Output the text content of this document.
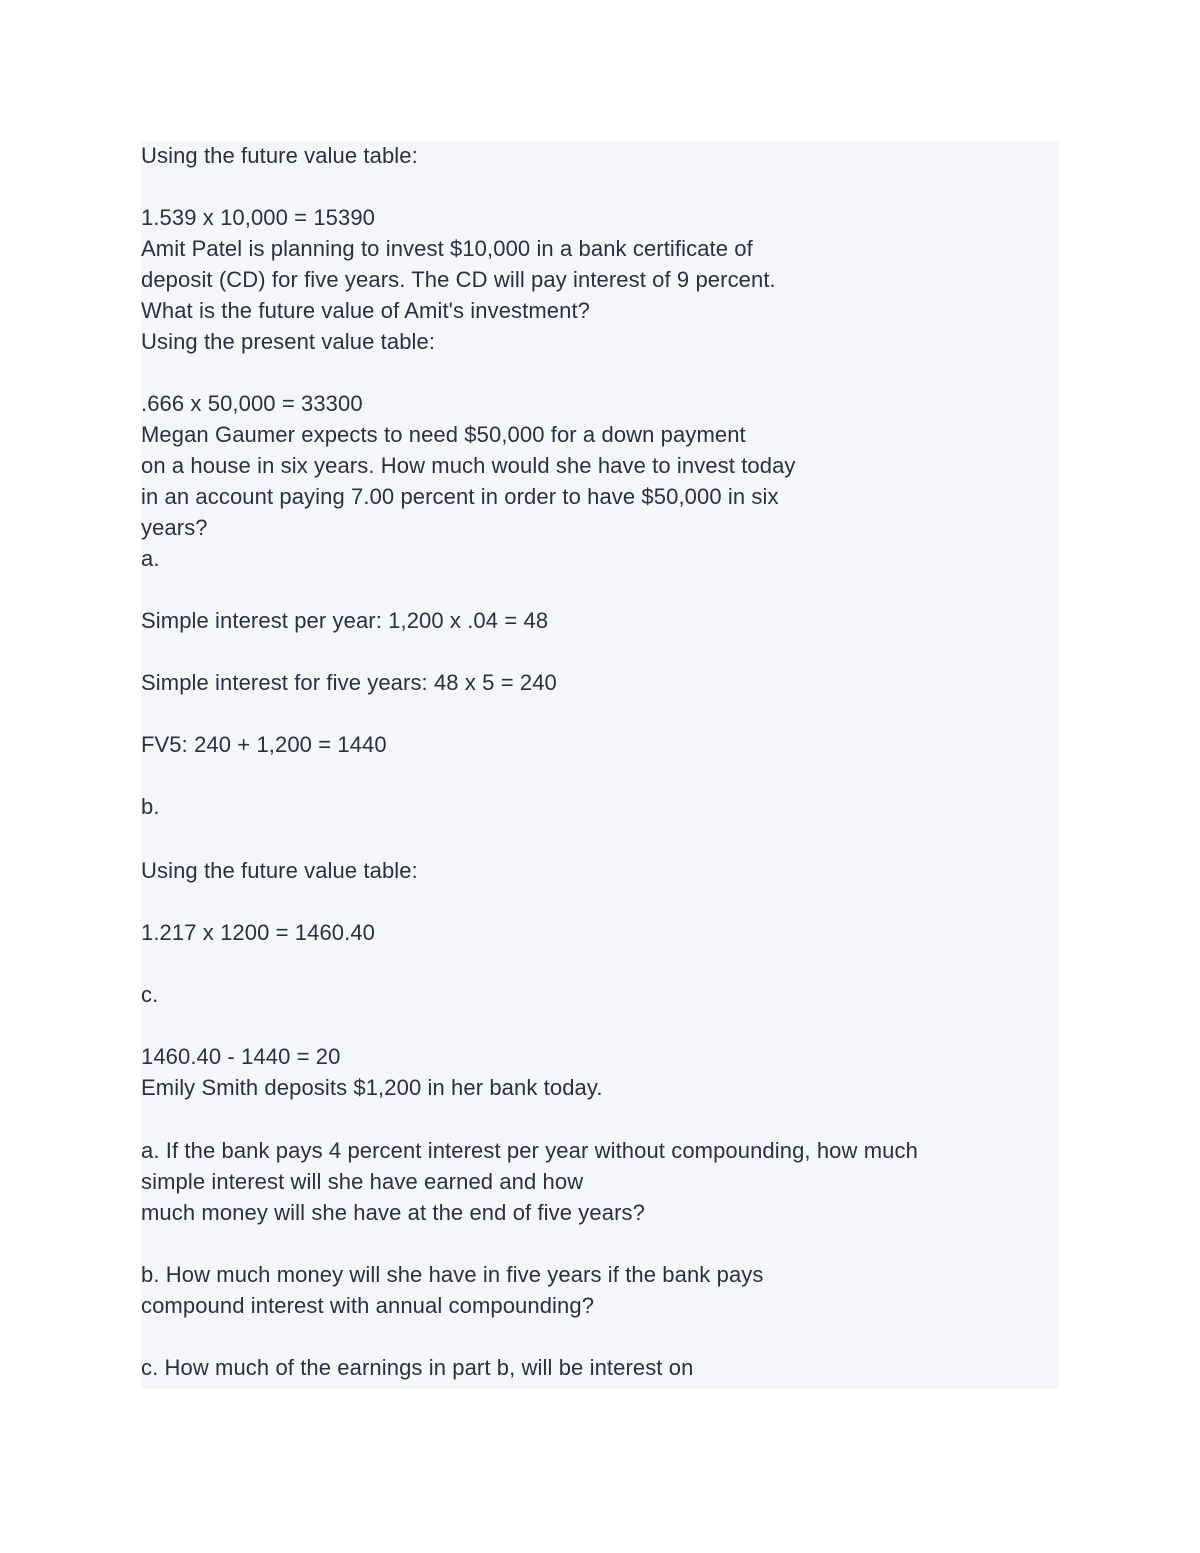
Using the future value table:
1.539 x 10,000 = 15390
Amit Patel is planning to invest $10,000 in a bank certificate of
deposit (CD) for five years. The CD will pay interest of 9 percent.
What is the future value of Amit's investment?
Using the present value table:
.666 x 50,000 = 33300
Megan Gaumer expects to need $50,000 for a down payment
on a house in six years. How much would she have to invest today
in an account paying 7.00 percent in order to have $50,000 in six
years?
a.
Simple interest per year: 1,200 x .04 = 48
Simple interest for five years: 48 x 5 = 240
FV5: 240 + 1,200 = 1440
b.
Using the future value table:
1.217 x 1200 = 1460.40
c.
1460.40 - 1440 = 20
Emily Smith deposits $1,200 in her bank today.
a. If the bank pays 4 percent interest per year without compounding, how much
simple interest will she have earned and how
much money will she have at the end of five years?
b. How much money will she have in five years if the bank pays
compound interest with annual compounding?
c. How much of the earnings in part b, will be interest on
